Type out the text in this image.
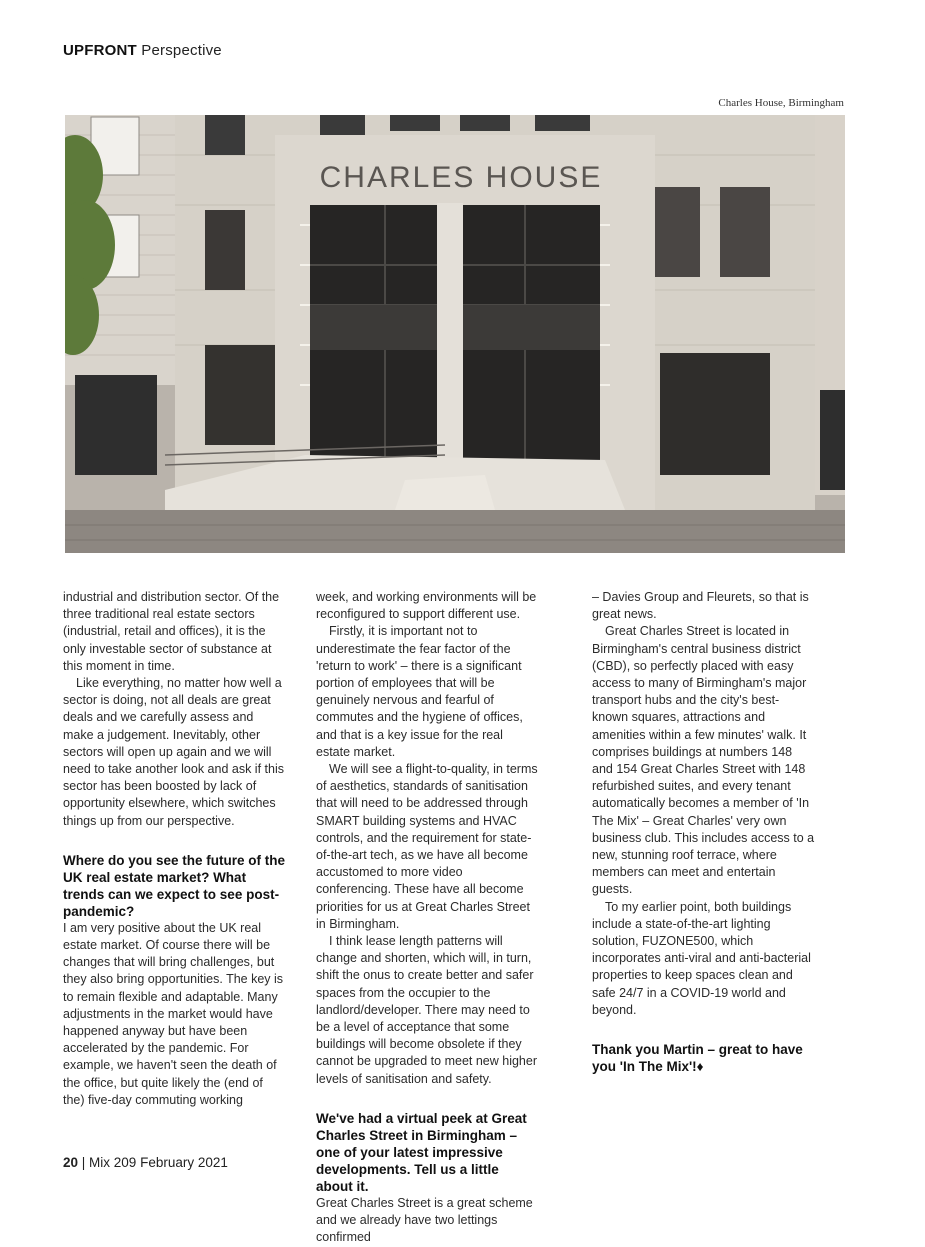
UPFRONT Perspective
Charles House, Birmingham
CHARLES HOUSE

industrial and distribution sector. Of the three traditional real estate sectors (industrial, retail and offices), it is the only investable sector of substance at this moment in time.

Like everything, no matter how well a sector is doing, not all deals are great deals and we carefully assess and make a judgement. Inevitably, other sectors will open up again and we will need to take another look and ask if this sector has been boosted by lack of opportunity elsewhere, which switches things up from our perspective.

Where do you see the future of the UK real estate market? What trends can we expect to see post-pandemic?

I am very positive about the UK real estate market. Of course there will be changes that will bring challenges, but they also bring opportunities. The key is to remain flexible and adaptable. Many adjustments in the market would have happened anyway but have been accelerated by the pandemic. For example, we haven't seen the death of the office, but quite likely the (end of the) five-day commuting working

week, and working environments will be reconfigured to support different use.

Firstly, it is important not to underestimate the fear factor of the 'return to work' – there is a significant portion of employees that will be genuinely nervous and fearful of commutes and the hygiene of offices, and that is a key issue for the real estate market.

We will see a flight-to-quality, in terms of aesthetics, standards of sanitisation that will need to be addressed through SMART building systems and HVAC controls, and the requirement for state-of-the-art tech, as we have all become accustomed to more video conferencing. These have all become priorities for us at Great Charles Street in Birmingham.

I think lease length patterns will change and shorten, which will, in turn, shift the onus to create better and safer spaces from the occupier to the landlord/developer. There may need to be a level of acceptance that some buildings will become obsolete if they cannot be upgraded to meet new higher levels of sanitisation and safety.

We've had a virtual peek at Great Charles Street in Birmingham – one of your latest impressive developments. Tell us a little about it.

Great Charles Street is a great scheme and we already have two lettings confirmed

– Davies Group and Fleurets, so that is great news.

Great Charles Street is located in Birmingham's central business district (CBD), so perfectly placed with easy access to many of Birmingham's major transport hubs and the city's best-known squares, attractions and amenities within a few minutes' walk. It comprises buildings at numbers 148 and 154 Great Charles Street with 148 refurbished suites, and every tenant automatically becomes a member of 'In The Mix' – Great Charles' very own business club. This includes access to a new, stunning roof terrace, where members can meet and entertain guests.

To my earlier point, both buildings include a state-of-the-art lighting solution, FUZONE500, which incorporates anti-viral and anti-bacterial properties to keep spaces clean and safe 24/7 in a COVID-19 world and beyond.

Thank you Martin – great to have you 'In The Mix'!♦
20 | Mix 209 February 2021
